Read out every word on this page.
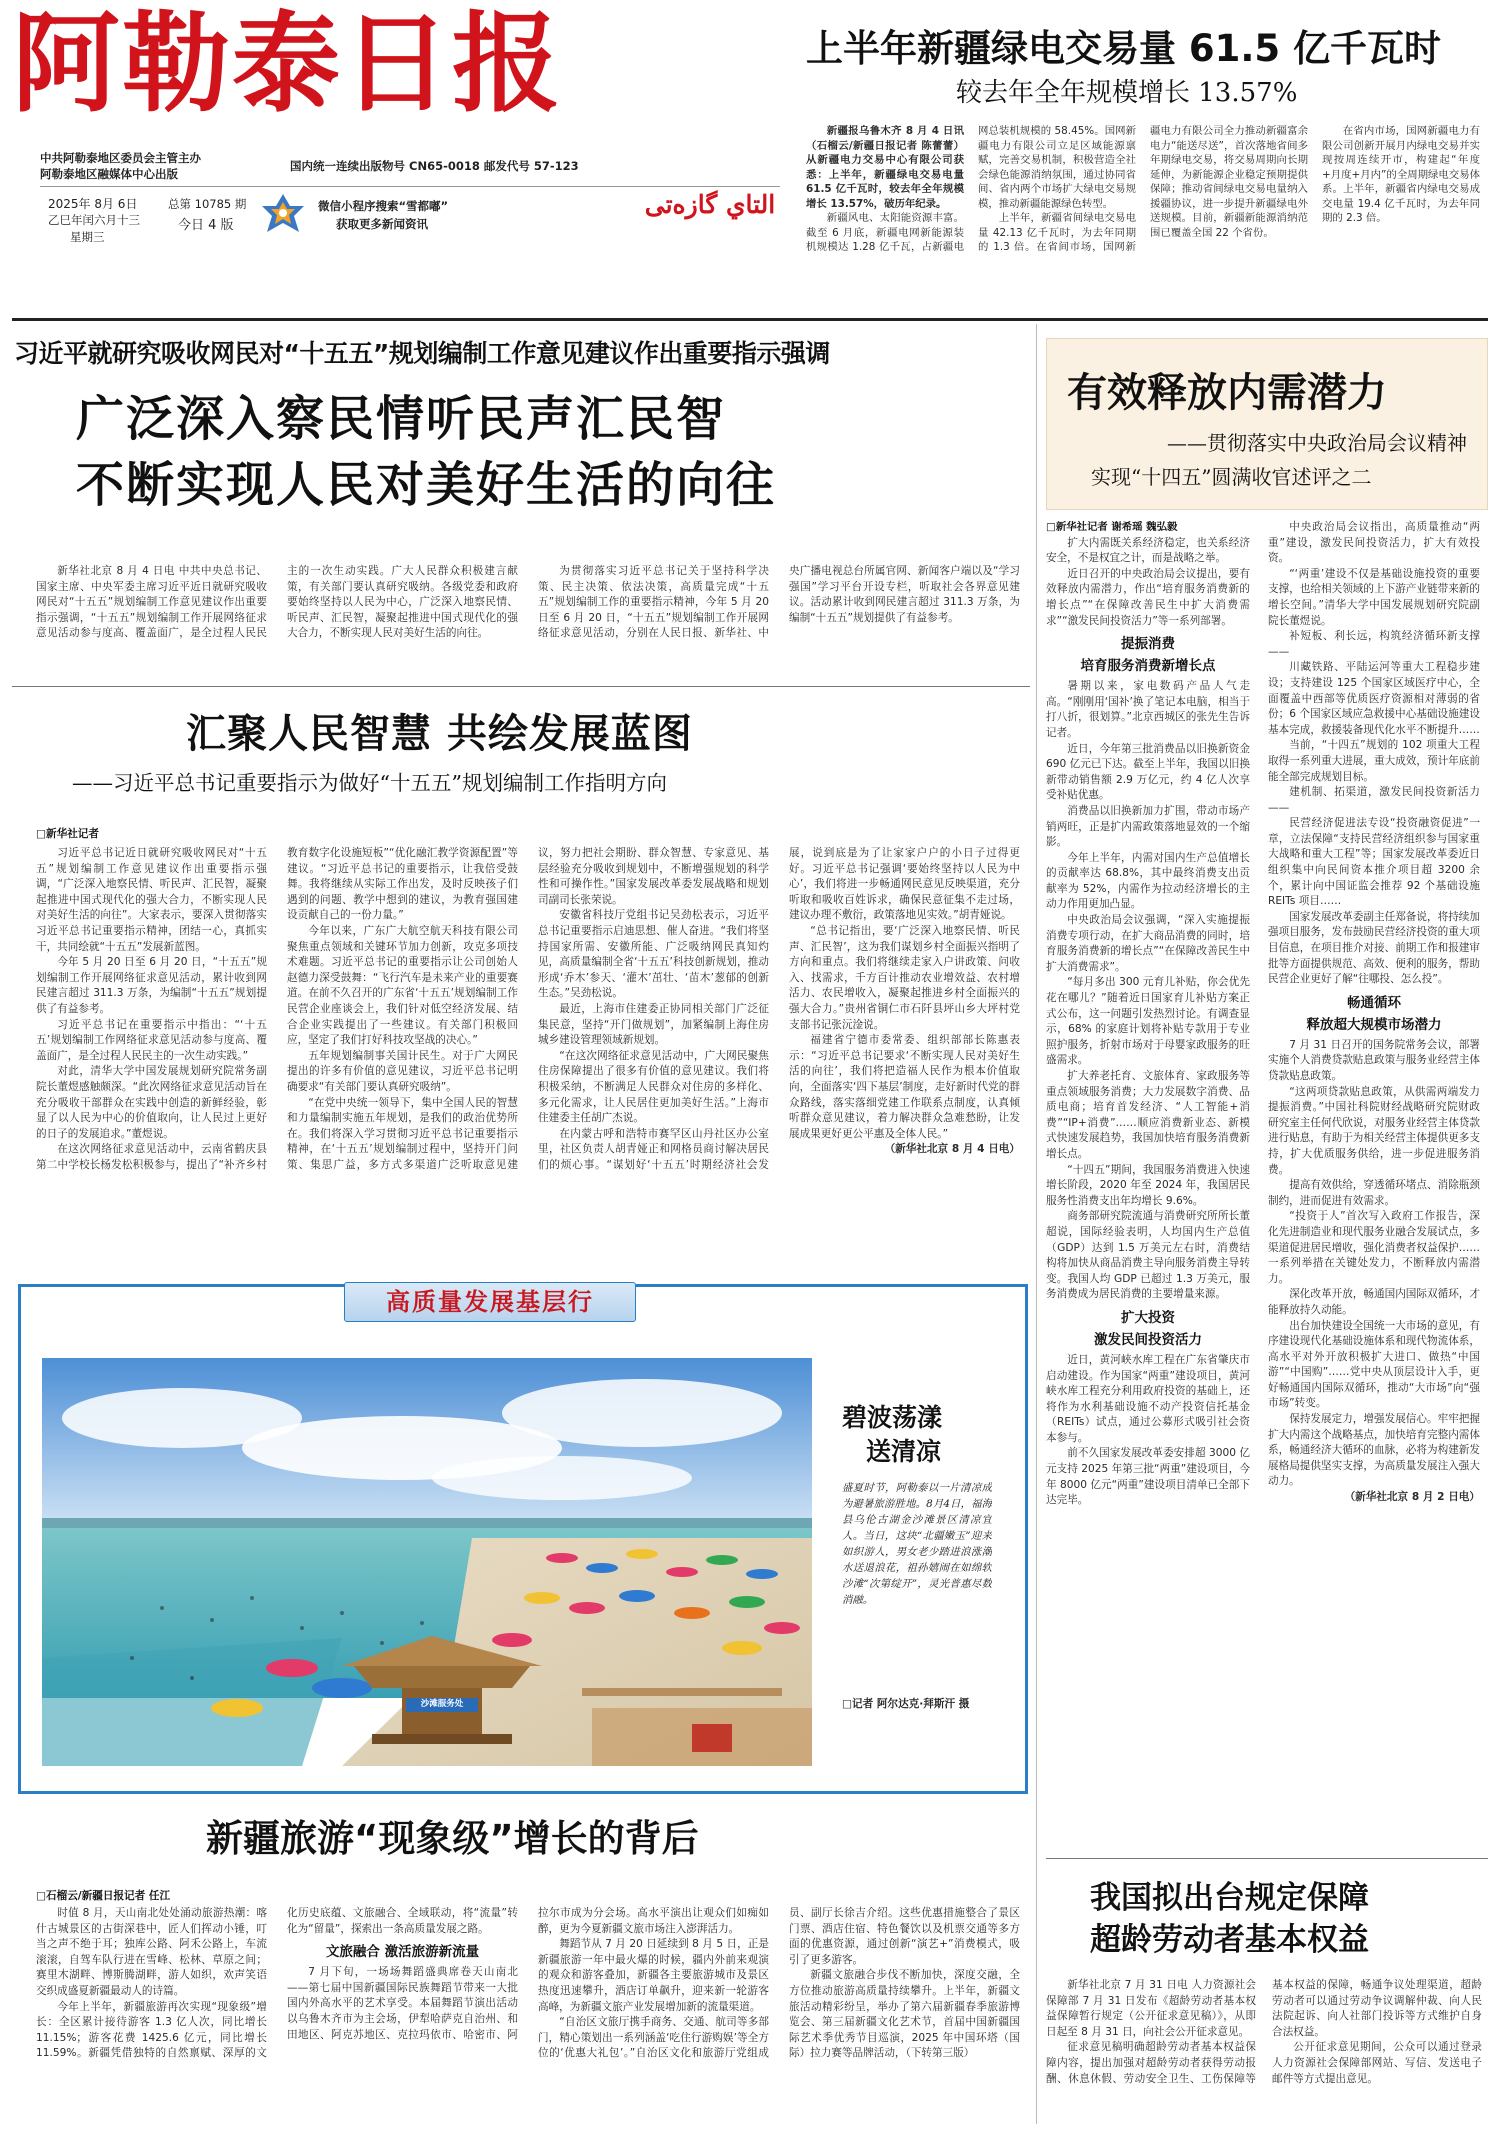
阿勒泰日报
中共阿勒泰地区委员会主管主办
阿勒泰地区融媒体中心出版
国内统一连续出版物号 CN65-0018 邮发代号 57-123
2025年 8月 6日
乙巳年闰六月十三
星期三
总第 10785 期
今日 4 版
微信小程序搜索“雪都嘟”
获取更多新闻资讯
التاي گازەتى
上半年新疆绿电交易量 61.5 亿千瓦时
较去年全年规模增长 13.57%

新疆报乌鲁木齐 8 月 4 日讯（石榴云/新疆日报记者 陈蕾蕾）从新疆电力交易中心有限公司获悉：上半年，新疆绿电交易电量 61.5 亿千瓦时，较去年全年规模增长 13.57%，破历年纪录。

新疆风电、太阳能资源丰富。截至 6 月底，新疆电网新能源装机规模达 1.28 亿千瓦，占新疆电网总装机规模的 58.45%。国网新疆电力有限公司立足区域能源禀赋，完善交易机制，积极营造全社会绿色能源消纳氛围，通过协同省间、省内两个市场扩大绿电交易规模，推动新疆能源绿色转型。

上半年，新疆省间绿电交易电量 42.13 亿千瓦时，为去年同期的 1.3 倍。在省间市场，国网新疆电力有限公司全力推动新疆富余电力“能送尽送”，首次落地省间多年期绿电交易，将交易周期向长期延伸，为新能源企业稳定预期提供保障；推动省间绿电交易电量纳入援疆协议，进一步提升新疆绿电外送规模。目前，新疆新能源消纳范围已覆盖全国 22 个省份。

在省内市场，国网新疆电力有限公司创新开展月内绿电交易并实现按周连续开市，构建起“年度+月度+月内”的全周期绿电交易体系。上半年，新疆省内绿电交易成交电量 19.4 亿千瓦时，为去年同期的 2.3 倍。

习近平就研究吸收网民对“十五五”规划编制工作意见建议作出重要指示强调
广泛深入察民情听民声汇民智
不断实现人民对美好生活的向往

新华社北京 8 月 4 日电 中共中央总书记、国家主席、中央军委主席习近平近日就研究吸收网民对“十五五”规划编制工作意见建议作出重要指示强调，“十五五”规划编制工作开展网络征求意见活动参与度高、覆盖面广，是全过程人民民主的一次生动实践。广大人民群众积极建言献策，有关部门要认真研究吸纳。各级党委和政府要始终坚持以人民为中心，广泛深入地察民情、听民声、汇民智，凝聚起推进中国式现代化的强大合力，不断实现人民对美好生活的向往。

为贯彻落实习近平总书记关于坚持科学决策、民主决策、依法决策，高质量完成“十五五”规划编制工作的重要指示精神，今年 5 月 20 日至 6 月 20 日，“十五五”规划编制工作开展网络征求意见活动，分别在人民日报、新华社、中央广播电视总台所属官网、新闻客户端以及“学习强国”学习平台开设专栏，听取社会各界意见建议。活动累计收到网民建言超过 311.3 万条，为编制“十五五”规划提供了有益参考。

汇聚人民智慧 共绘发展蓝图
——习近平总书记重要指示为做好“十五五”规划编制工作指明方向
□新华社记者

习近平总书记近日就研究吸收网民对“十五五”规划编制工作意见建议作出重要指示强调，“广泛深入地察民情、听民声、汇民智，凝聚起推进中国式现代化的强大合力，不断实现人民对美好生活的向往”。大家表示，要深入贯彻落实习近平总书记重要指示精神，团结一心，真抓实干，共同绘就“十五五”发展新蓝图。

今年 5 月 20 日至 6 月 20 日，“十五五”规划编制工作开展网络征求意见活动，累计收到网民建言超过 311.3 万条，为编制“十五五”规划提供了有益参考。

习近平总书记在重要指示中指出：“‘十五五’规划编制工作网络征求意见活动参与度高、覆盖面广，是全过程人民民主的一次生动实践。”

对此，清华大学中国发展规划研究院常务副院长董煜感触颇深。“此次网络征求意见活动旨在充分吸收干部群众在实践中创造的新鲜经验，彰显了以人民为中心的价值取向，让人民过上更好的日子的发展追求。”董煜说。

在这次网络征求意见活动中，云南省鹤庆县第二中学校长杨发松积极参与，提出了“补齐乡村教育数字化设施短板”“优化融汇教学资源配置”等建议。“习近平总书记的重要指示，让我倍受鼓舞。我将继续从实际工作出发，及时反映孩子们遇到的问题、教学中想到的建议，为教育强国建设贡献自己的一份力量。”

今年以来，广东广大航空航天科技有限公司聚焦重点领域和关键环节加力创新，攻克多项技术难题。习近平总书记的重要指示让公司创始人赵德力深受鼓舞：“飞行汽车是未来产业的重要赛道。在前不久召开的广东省‘十五五’规划编制工作民营企业座谈会上，我们针对低空经济发展、结合企业实践提出了一些建议。有关部门积极回应，坚定了我们打好科技攻坚战的决心。”

五年规划编制事关国计民生。对于广大网民提出的许多有价值的意见建议，习近平总书记明确要求“有关部门要认真研究吸纳”。

“在党中央统一领导下，集中全国人民的智慧和力量编制实施五年规划，是我们的政治优势所在。我们将深入学习贯彻习近平总书记重要指示精神，在‘十五五’规划编制过程中，坚持开门问策、集思广益，多方式多渠道广泛听取意见建议，努力把社会期盼、群众智慧、专家意见、基层经验充分吸收到规划中，不断增强规划的科学性和可操作性。”国家发展改革委发展战略和规划司副司长张荣说。

安徽省科技厅党组书记吴劲松表示，习近平总书记重要指示启迪思想、催人奋进。“我们将坚持国家所需、安徽所能、广泛吸纳网民真知灼见，高质量编制全省‘十五五’科技创新规划，推动形成‘乔木’参天、‘灌木’茁壮、‘苗木’葱郁的创新生态。”吴劲松说。

最近，上海市住建委正协同相关部门广泛征集民意，坚持“开门做规划”，加紧编制上海住房城乡建设管理领域新规划。

“在这次网络征求意见活动中，广大网民聚焦住房保障提出了很多有价值的意见建议。我们将积极采纳，不断满足人民群众对住房的多样化、多元化需求，让人民居住更加美好生活。”上海市住建委主任胡广杰说。

在内蒙古呼和浩特市赛罕区山丹社区办公室里，社区负责人胡青娅正和网格员商讨解决居民们的烦心事。“谋划好‘十五五’时期经济社会发展，说到底是为了让家家户户的小日子过得更好。习近平总书记强调‘要始终坚持以人民为中心’，我们将进一步畅通网民意见反映渠道，充分听取和吸收百姓诉求，确保民意征集不走过场，建议办理不敷衍，政策落地见实效。”胡青娅说。

“总书记指出，要‘广泛深入地察民情、听民声、汇民智’，这为我们谋划乡村全面振兴指明了方向和重点。我们将继续走家入户讲政策、问收入、找需求，千方百计推动农业增效益、农村增活力、农民增收入，凝聚起推进乡村全面振兴的强大合力。”贵州省铜仁市石阡县坪山乡大坪村党支部书记张沅淦说。

福建省宁德市委常委、组织部部长陈惠表示：“习近平总书记要求‘不断实现人民对美好生活的向往’，我们将把造福人民作为根本价值取向，全面落实‘四下基层’制度，走好新时代党的群众路线，落实落细党建工作联系点制度，认真倾听群众意见建议，着力解决群众急难愁盼，让发展成果更好更公平惠及全体人民。”

（新华社北京 8 月 4 日电）

高质量发展基层行
沙滩服务处
碧波荡漾
送清凉
盛夏时节，阿勒泰以一片清凉成为避暑旅游胜地。8月4日，福海县乌伦古湖金沙滩景区清凉宜人。当日，这块“北疆嫩玉”迎来如织游人，男女老少踏进浪涨潮水送退浪花，祖孙嬉闹在如绵软沙滩“次第绽开”，灵光普惠尽数消融。
□记者 阿尔达克·拜斯汗 摄
新疆旅游“现象级”增长的背后
□石榴云/新疆日报记者 任江

时值 8 月，天山南北处处涌动旅游热潮：喀什古城景区的古街深巷中，匠人们挥动小锤，叮当之声不绝于耳；独库公路、阿禾公路上，车流滚滚，自驾车队行进在雪峰、松林、草原之间；赛里木湖畔、博斯腾湖畔，游人如织，欢声笑语交织成盛夏新疆最动人的诗篇。

今年上半年，新疆旅游再次实现“现象级”增长：全区累计接待游客 1.3 亿人次，同比增长 11.15%；游客花费 1425.6 亿元，同比增长 11.59%。新疆凭借独特的自然禀赋、深厚的文化历史底蕴、文旅融合、全域联动，将“流量”转化为“留量”，探索出一条高质量发展之路。

文旅融合 激活旅游新流量

7 月下旬，一场场舞蹈盛典席卷天山南北——第七届中国新疆国际民族舞蹈节带来一大批国内外高水平的艺术享受。本届舞蹈节演出活动以乌鲁木齐市为主会场，伊犁哈萨克自治州、和田地区、阿克苏地区、克拉玛依市、哈密市、阿拉尔市成为分会场。高水平演出让观众们如痴如醉，更为今夏新疆文旅市场注入澎湃活力。

舞蹈节从 7 月 20 日延续到 8 月 5 日，正是新疆旅游一年中最火爆的时候，疆内外前来观演的观众和游客叠加，新疆各主要旅游城市及景区热度迅速攀升，酒店订单飙升，迎来新一轮游客高峰，为新疆文旅产业发展增加新的流量渠道。

“自治区文旅厅携手商务、交通、航司等多部门，精心策划出一系列涵盖‘吃住行游购娱’等全方位的‘优惠大礼包’。”自治区文化和旅游厅党组成员、副厅长徐吉介绍。这些优惠措施整合了景区门票、酒店住宿、特色餐饮以及机票交通等多方面的优惠资源，通过创新“演艺+”消费模式，吸引了更多游客。

新疆文旅融合步伐不断加快，深度交融，全方位推动旅游高质量持续攀升。上半年，新疆文旅活动精彩纷呈，举办了第六届新疆春季旅游博览会、第三届新疆文化艺术节，首届中国新疆国际艺术季优秀节目巡演，2025 年中国环塔（国际）拉力赛等品牌活动，（下转第三版）

有效释放内需潜力
——贯彻落实中央政治局会议精神
实现“十四五”圆满收官述评之二
□新华社记者 谢希瑶 魏弘毅

扩大内需既关系经济稳定，也关系经济安全，不是权宜之计，而是战略之举。

近日召开的中央政治局会议提出，要有效释放内需潜力，作出“培育服务消费新的增长点”“在保障改善民生中扩大消费需求”“激发民间投资活力”等一系列部署。

提振消费
培育服务消费新增长点

暑期以来，家电数码产品人气走高。“刚刚用‘国补’换了笔记本电脑，相当于打八折，很划算。”北京西城区的张先生告诉记者。

近日，今年第三批消费品以旧换新资金 690 亿元已下达。截至上半年，我国以旧换新带动销售额 2.9 万亿元，约 4 亿人次享受补贴优惠。

消费品以旧换新加力扩围，带动市场产销两旺，正是扩内需政策落地显效的一个缩影。

今年上半年，内需对国内生产总值增长的贡献率达 68.8%，其中最终消费支出贡献率为 52%，内需作为拉动经济增长的主动力作用更加凸显。

中央政治局会议强调，“深入实施提振消费专项行动，在扩大商品消费的同时，培育服务消费新的增长点”“在保障改善民生中扩大消费需求”。

“每月多出 300 元育儿补贴，你会优先花在哪儿？”随着近日国家育儿补贴方案正式公布，这一问题引发热烈讨论。有调查显示，68% 的家庭计划将补贴专款用于专业照护服务，折射市场对于母婴家政服务的旺盛需求。

扩大养老托育、文旅体育、家政服务等重点领域服务消费；大力发展数字消费、品质电商；培育首发经济、“人工智能+消费”“IP+消费”……顺应消费新业态、新模式快速发展趋势，我国加快培育服务消费新增长点。

“十四五”期间，我国服务消费进入快速增长阶段，2020 年至 2024 年，我国居民服务性消费支出年均增长 9.6%。

商务部研究院流通与消费研究所所长董超说，国际经验表明，人均国内生产总值（GDP）达到 1.5 万美元左右时，消费结构将加快从商品消费主导向服务消费主导转变。我国人均 GDP 已超过 1.3 万美元，服务消费成为居民消费的主要增量来源。

扩大投资
激发民间投资活力

近日，黄河峡水库工程在广东省肇庆市启动建设。作为国家“两重”建设项目，黄河峡水库工程充分利用政府投资的基础上，还将作为水利基础设施不动产投资信托基金（REITs）试点，通过公募形式吸引社会资本参与。

前不久国家发展改革委安排超 3000 亿元支持 2025 年第三批“两重”建设项目，今年 8000 亿元“两重”建设项目清单已全部下达完毕。

中央政治局会议指出，高质量推动“两重”建设，激发民间投资活力，扩大有效投资。

“‘两重’建设不仅是基础设施投资的重要支撑，也给相关领域的上下游产业链带来新的增长空间。”清华大学中国发展规划研究院副院长董煜说。

补短板、利长远，构筑经济循环新支撑——

川藏铁路、平陆运河等重大工程稳步建设；支持建设 125 个国家区域医疗中心，全面覆盖中西部等优质医疗资源相对薄弱的省份；6 个国家区域应急救援中心基础设施建设基本完成，救援装备现代化水平不断提升……

当前，“十四五”规划的 102 项重大工程取得一系列重大进展，重大成效，预计年底前能全部完成规划目标。

建机制、拓渠道，激发民间投资新活力——

民营经济促进法专设“投资融资促进”一章，立法保障“支持民营经济组织参与国家重大战略和重大工程”等；国家发展改革委近日组织集中向民间资本推介项目超 3200 余个，累计向中国证监会推荐 92 个基础设施 REITs 项目……

国家发展改革委副主任郑备说，将持续加强项目服务，发布鼓励民营经济投资的重大项目信息，在项目推介对接、前期工作和报建审批等方面提供规范、高效、便利的服务，帮助民营企业更好了解“往哪投、怎么投”。

畅通循环
释放超大规模市场潜力

7 月 31 日召开的国务院常务会议，部署实施个人消费贷款贴息政策与服务业经营主体贷款贴息政策。

“这两项贷款贴息政策，从供需两端发力提振消费。”中国社科院财经战略研究院财政研究室主任何代欣说，对服务业经营主体贷款进行贴息，有助于为相关经营主体提供更多支持，扩大优质服务供给，进一步促进服务消费。

提高有效供给，穿透循环堵点、消除瓶颈制约，进而促进有效需求。

“投资于人”首次写入政府工作报告，深化先进制造业和现代服务业融合发展试点，多渠道促进居民增收，强化消费者权益保护……一系列举措在关键处发力，不断释放内需潜力。

深化改革开放，畅通国内国际双循环，才能释放持久动能。

出台加快建设全国统一大市场的意见，有序建设现代化基础设施体系和现代物流体系，高水平对外开放积极扩大进口、做热“中国游”“中国购”……党中央从顶层设计入手，更好畅通国内国际双循环，推动“大市场”向“强市场”转变。

保持发展定力，增强发展信心。牢牢把握扩大内需这个战略基点，加快培育完整内需体系，畅通经济大循环的血脉，必将为构建新发展格局提供坚实支撑，为高质量发展注入强大动力。

（新华社北京 8 月 2 日电）

我国拟出台规定保障
超龄劳动者基本权益

新华社北京 7 月 31 日电 人力资源社会保障部 7 月 31 日发布《超龄劳动者基本权益保障暂行规定（公开征求意见稿）》，从即日起至 8 月 31 日，向社会公开征求意见。

征求意见稿明确超龄劳动者基本权益保障内容，提出加强对超龄劳动者获得劳动报酬、休息休假、劳动安全卫生、工伤保障等基本权益的保障，畅通争议处理渠道，超龄劳动者可以通过劳动争议调解仲裁、向人民法院起诉、向人社部门投诉等方式维护自身合法权益。

公开征求意见期间，公众可以通过登录人力资源社会保障部网站、写信、发送电子邮件等方式提出意见。
